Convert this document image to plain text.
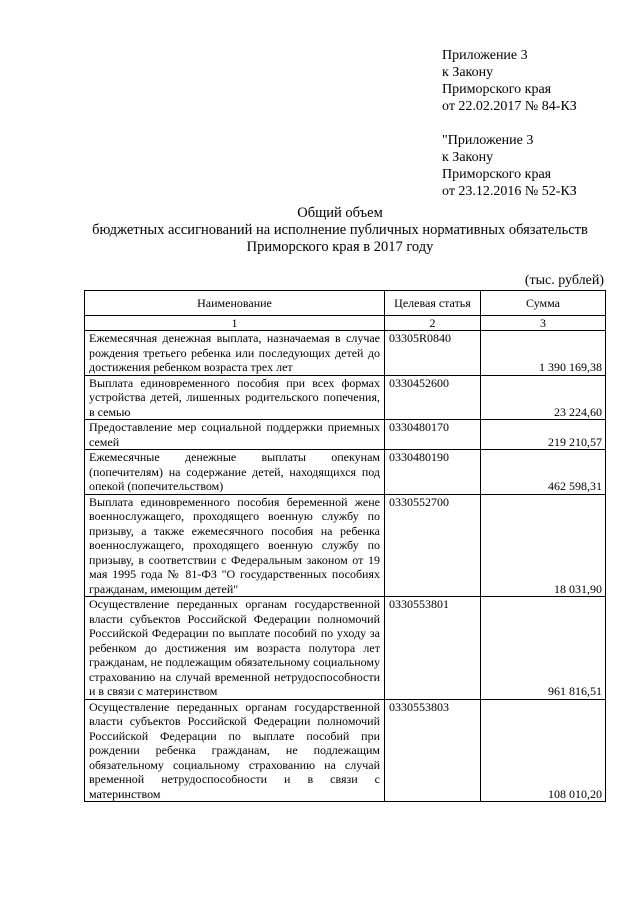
Приложение 3
к Закону
Приморского края
от 22.02.2017 № 84-КЗ
"Приложение 3
к Закону
Приморского края
от 23.12.2016 № 52-КЗ
Общий объем
бюджетных ассигнований на исполнение публичных нормативных обязательств
Приморского края в 2017 году
(тыс. рублей)
Наименование	Целевая статья	Сумма
1	2	3
Ежемесячная денежная выплата, назначаемая в случае рождения третьего ребенка или последующих детей до достижения ребенком возраста трех лет	03305R0840	1 390 169,38
Выплата единовременного пособия при всех формах устройства детей, лишенных родительского попечения, в семью	0330452600	23 224,60
Предоставление мер социальной поддержки приемных семей	0330480170	219 210,57
Ежемесячные денежные выплаты опекунам (попечителям) на содержание детей, находящихся под опекой (попечительством)	0330480190	462 598,31
Выплата единовременного пособия беременной жене военнослужащего, проходящего военную службу по призыву, а также ежемесячного пособия на ребенка военнослужащего, проходящего военную службу по призыву, в соответствии с Федеральным законом от 19 мая 1995 года № 81-ФЗ "О государственных пособиях гражданам, имеющим детей"	0330552700	18 031,90
Осуществление переданных органам государственной власти субъектов Российской Федерации полномочий Российской Федерации по выплате пособий по уходу за ребенком до достижения им возраста полутора лет гражданам, не подлежащим обязательному социальному страхованию на случай временной нетрудоспособности и в связи с материнством	0330553801	961 816,51
Осуществление переданных органам государственной власти субъектов Российской Федерации полномочий Российской Федерации по выплате пособий при рождении ребенка гражданам, не подлежащим обязательному социальному страхованию на случай временной нетрудоспособности и в связи с материнством	0330553803	108 010,20
